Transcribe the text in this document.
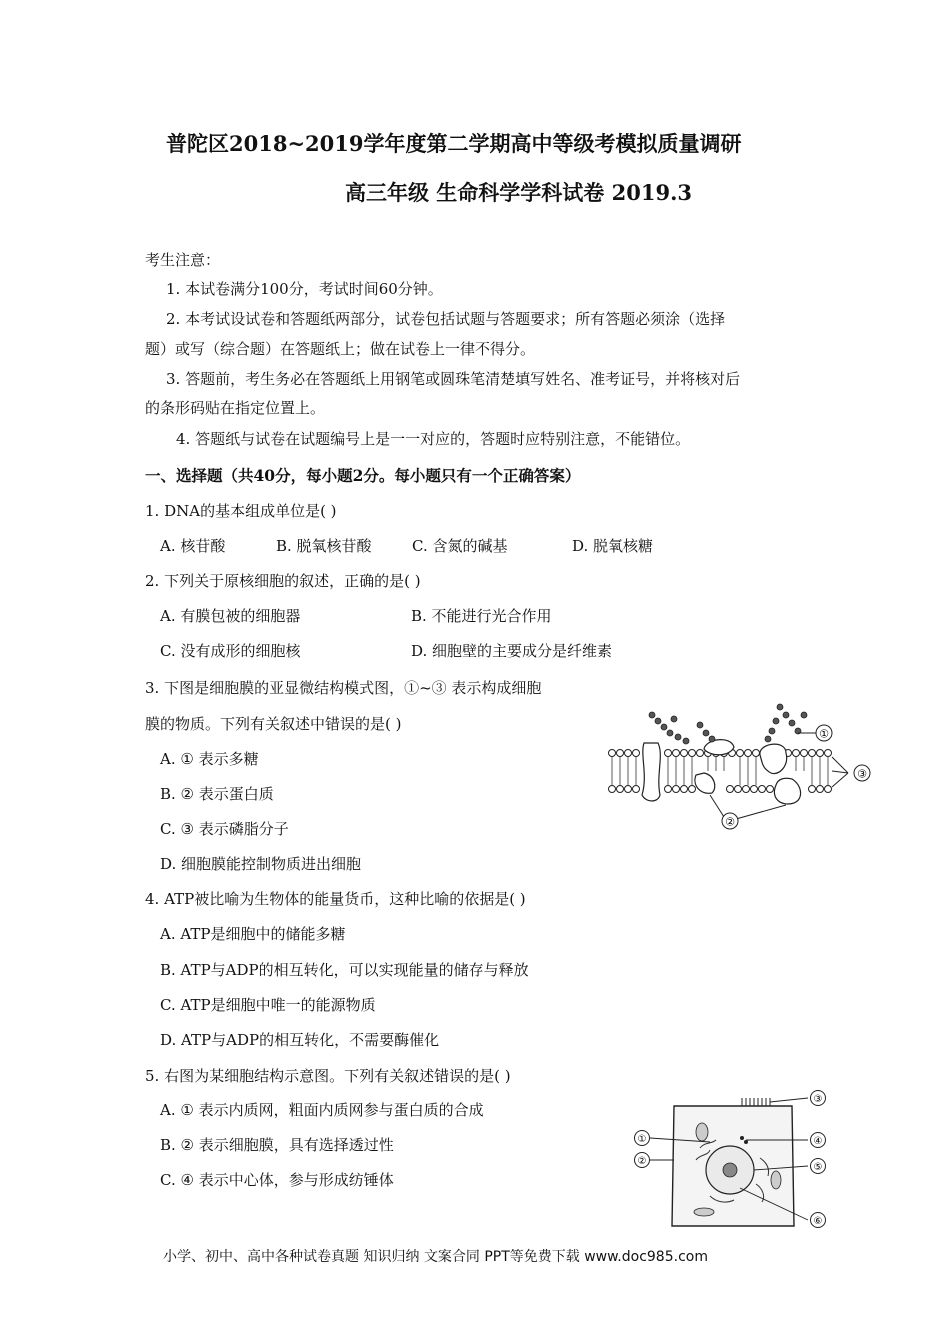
普陀区2018~2019学年度第二学期高中等级考模拟质量调研
高三年级 生命科学学科试卷 2019.3
考生注意：
1. 本试卷满分100分，考试时间60分钟。
2. 本考试设试卷和答题纸两部分，试卷包括试题与答题要求；所有答题必须涂（选择
题）或写（综合题）在答题纸上；做在试卷上一律不得分。
3. 答题前，考生务必在答题纸上用钢笔或圆珠笔清楚填写姓名、准考证号，并将核对后
的条形码贴在指定位置上。
4. 答题纸与试卷在试题编号上是一一对应的，答题时应特别注意，不能错位。
一、选择题（共40分，每小题2分。每小题只有一个正确答案）
1. DNA的基本组成单位是( )
A. 核苷酸	B. 脱氧核苷酸	C. 含氮的碱基	D. 脱氧核糖
2. 下列关于原核细胞的叙述，正确的是( )
A. 有膜包被的细胞器	B. 不能进行光合作用
C. 没有成形的细胞核	D. 细胞壁的主要成分是纤维素
3. 下图是细胞膜的亚显微结构模式图，①~③ 表示构成细胞
膜的物质。下列有关叙述中错误的是( )
A. ① 表示多糖
B. ② 表示蛋白质
C. ③ 表示磷脂分子
D. 细胞膜能控制物质进出细胞
①
③
②
4. ATP被比喻为生物体的能量货币，这种比喻的依据是( )
A. ATP是细胞中的储能多糖
B. ATP与ADP的相互转化，可以实现能量的储存与释放
C. ATP是细胞中唯一的能源物质
D. ATP与ADP的相互转化，不需要酶催化
5. 右图为某细胞结构示意图。下列有关叙述错误的是( )
A. ① 表示内质网，粗面内质网参与蛋白质的合成
B. ② 表示细胞膜，具有选择透过性
C. ④ 表示中心体，参与形成纺锤体
①
②
③
④
⑤
⑥
小学、初中、高中各种试卷真题 知识归纳 文案合同 PPT等免费下载 www.doc985.com
